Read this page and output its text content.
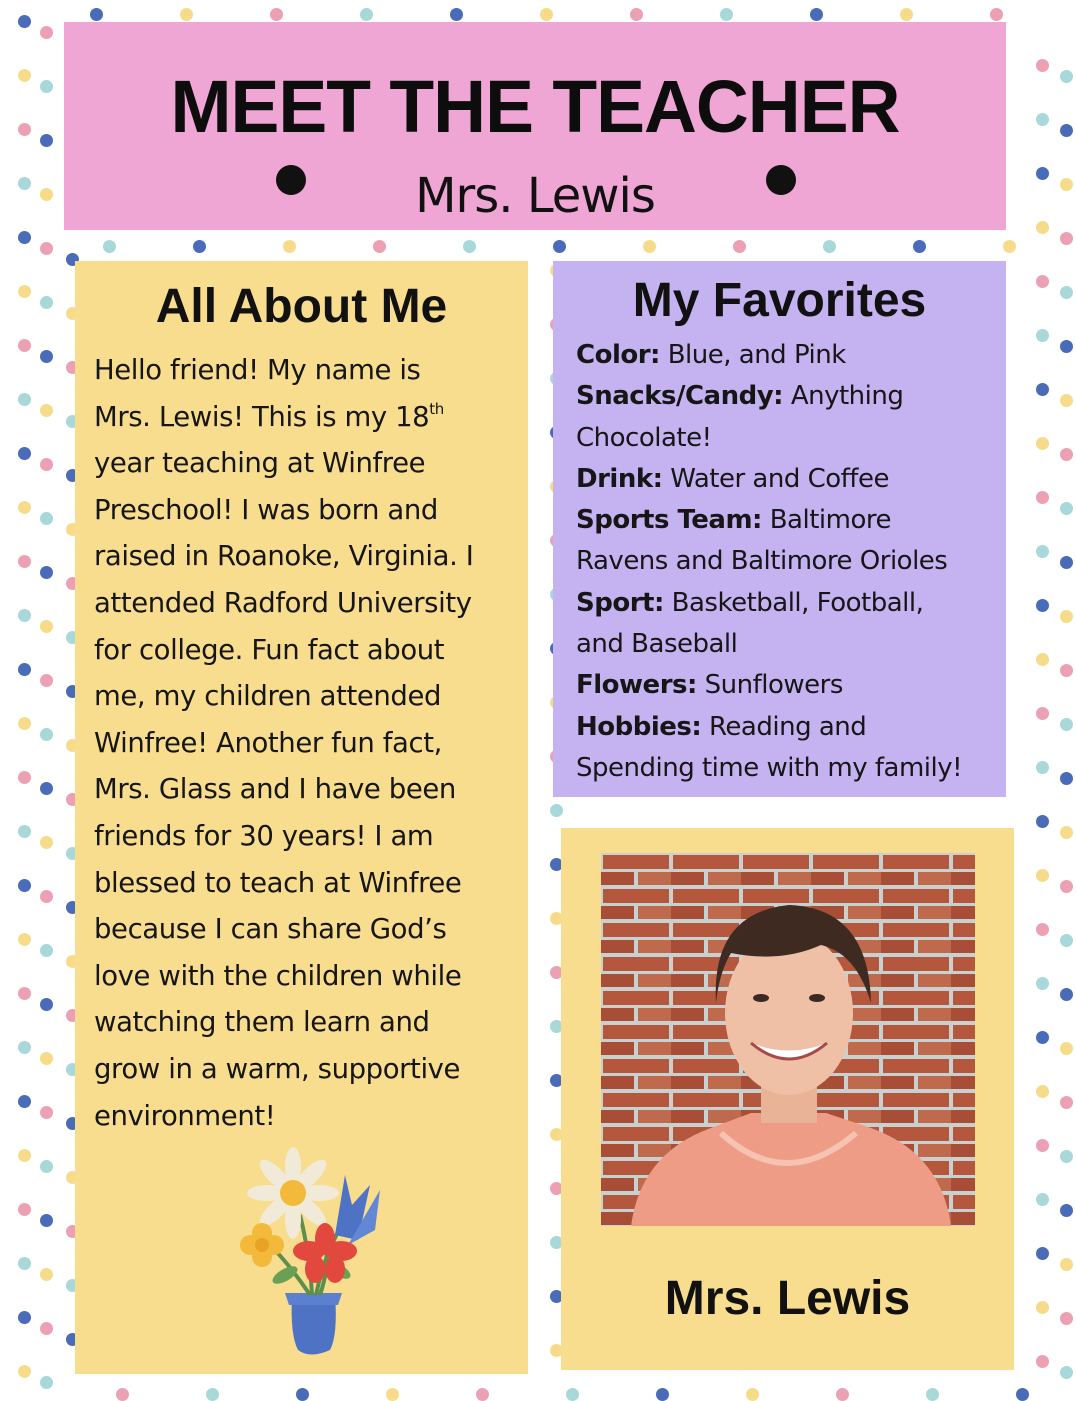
MEET THE TEACHER
Mrs. Lewis
All About Me
Hello friend! My name is
Mrs. Lewis! This is my 18th
year teaching at Winfree
Preschool! I was born and
raised in Roanoke, Virginia. I
attended Radford University
for college. Fun fact about
me, my children attended
Winfree! Another fun fact,
Mrs. Glass and I have been
friends for 30 years! I am
blessed to teach at Winfree
because I can share God’s
love with the children while
watching them learn and
grow in a warm, supportive
environment!
My Favorites
Color: Blue, and Pink
Snacks/Candy: Anything
Chocolate!
Drink: Water and Coffee
Sports Team: Baltimore
Ravens and Baltimore Orioles
Sport: Basketball, Football,
and Baseball
Flowers: Sunflowers
Hobbies: Reading and
Spending time with my family!
Mrs. Lewis
